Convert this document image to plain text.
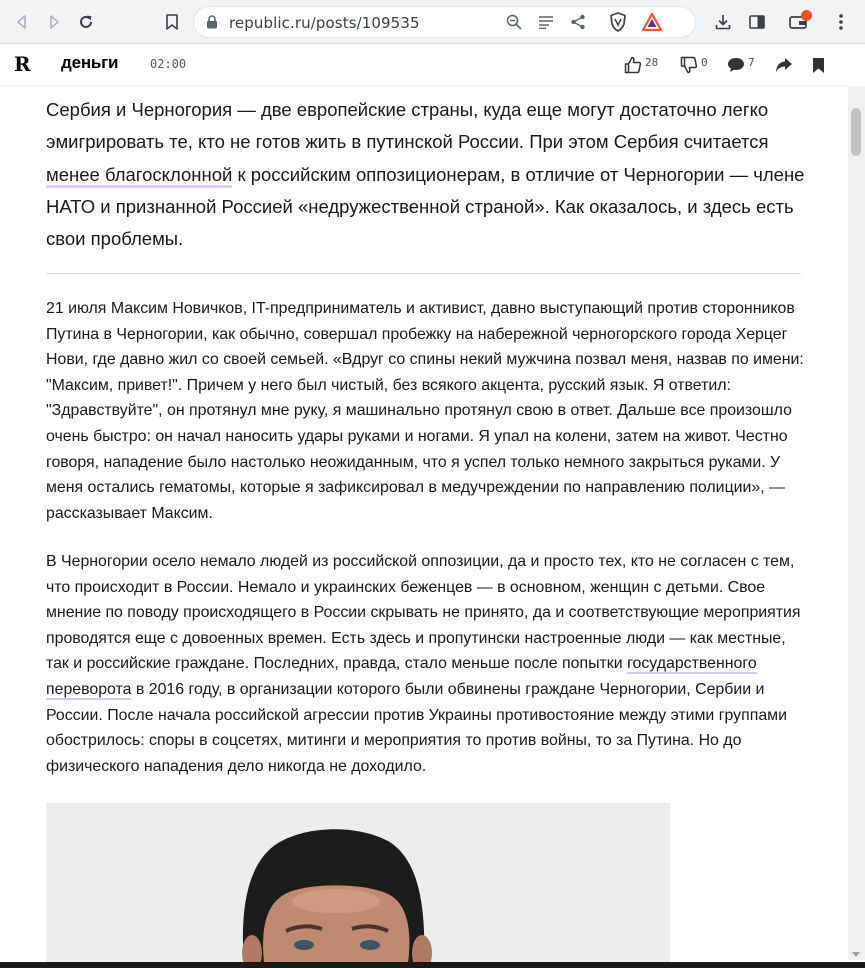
republic.ru/posts/109535
R деньги	02:00	28	0	7

Сербия и Черногория — две европейские страны, куда еще могут достаточно легко эмигрировать те, кто не готов жить в путинской России. При этом Сербия считается менее благосклонной к российским оппозиционерам, в отличие от Черногории — члене НАТО и признанной Россией «недружественной страной». Как оказалось, и здесь есть свои проблемы.

21 июля Максим Новичков, IT-предприниматель и активист, давно выступающий против сторонников Путина в Черногории, как обычно, совершал пробежку на набережной черногорского города Херцег Нови, где давно жил со своей семьей. «Вдруг со спины некий мужчина позвал меня, назвав по имени: "Максим, привет!". Причем у него был чистый, без всякого акцента, русский язык. Я ответил: "Здравствуйте", он протянул мне руку, я машинально протянул свою в ответ. Дальше все произошло очень быстро: он начал наносить удары руками и ногами. Я упал на колени, затем на живот. Честно говоря, нападение было настолько неожиданным, что я успел только немного закрыться руками. У меня остались гематомы, которые я зафиксировал в медучреждении по направлению полиции», — рассказывает Максим.

В Черногории осело немало людей из российской оппозиции, да и просто тех, кто не согласен с тем, что происходит в России. Немало и украинских беженцев — в основном, женщин с детьми. Свое мнение по поводу происходящего в России скрывать не принято, да и соответствующие мероприятия проводятся еще с довоенных времен. Есть здесь и пропутински настроенные люди — как местные, так и российские граждане. Последних, правда, стало меньше после попытки государственного переворота в 2016 году, в организации которого были обвинены граждане Черногории, Сербии и России. После начала российской агрессии против Украины противостояние между этими группами обострилось: споры в соцсетях, митинги и мероприятия то против войны, то за Путина. Но до физического нападения дело никогда не доходило.
